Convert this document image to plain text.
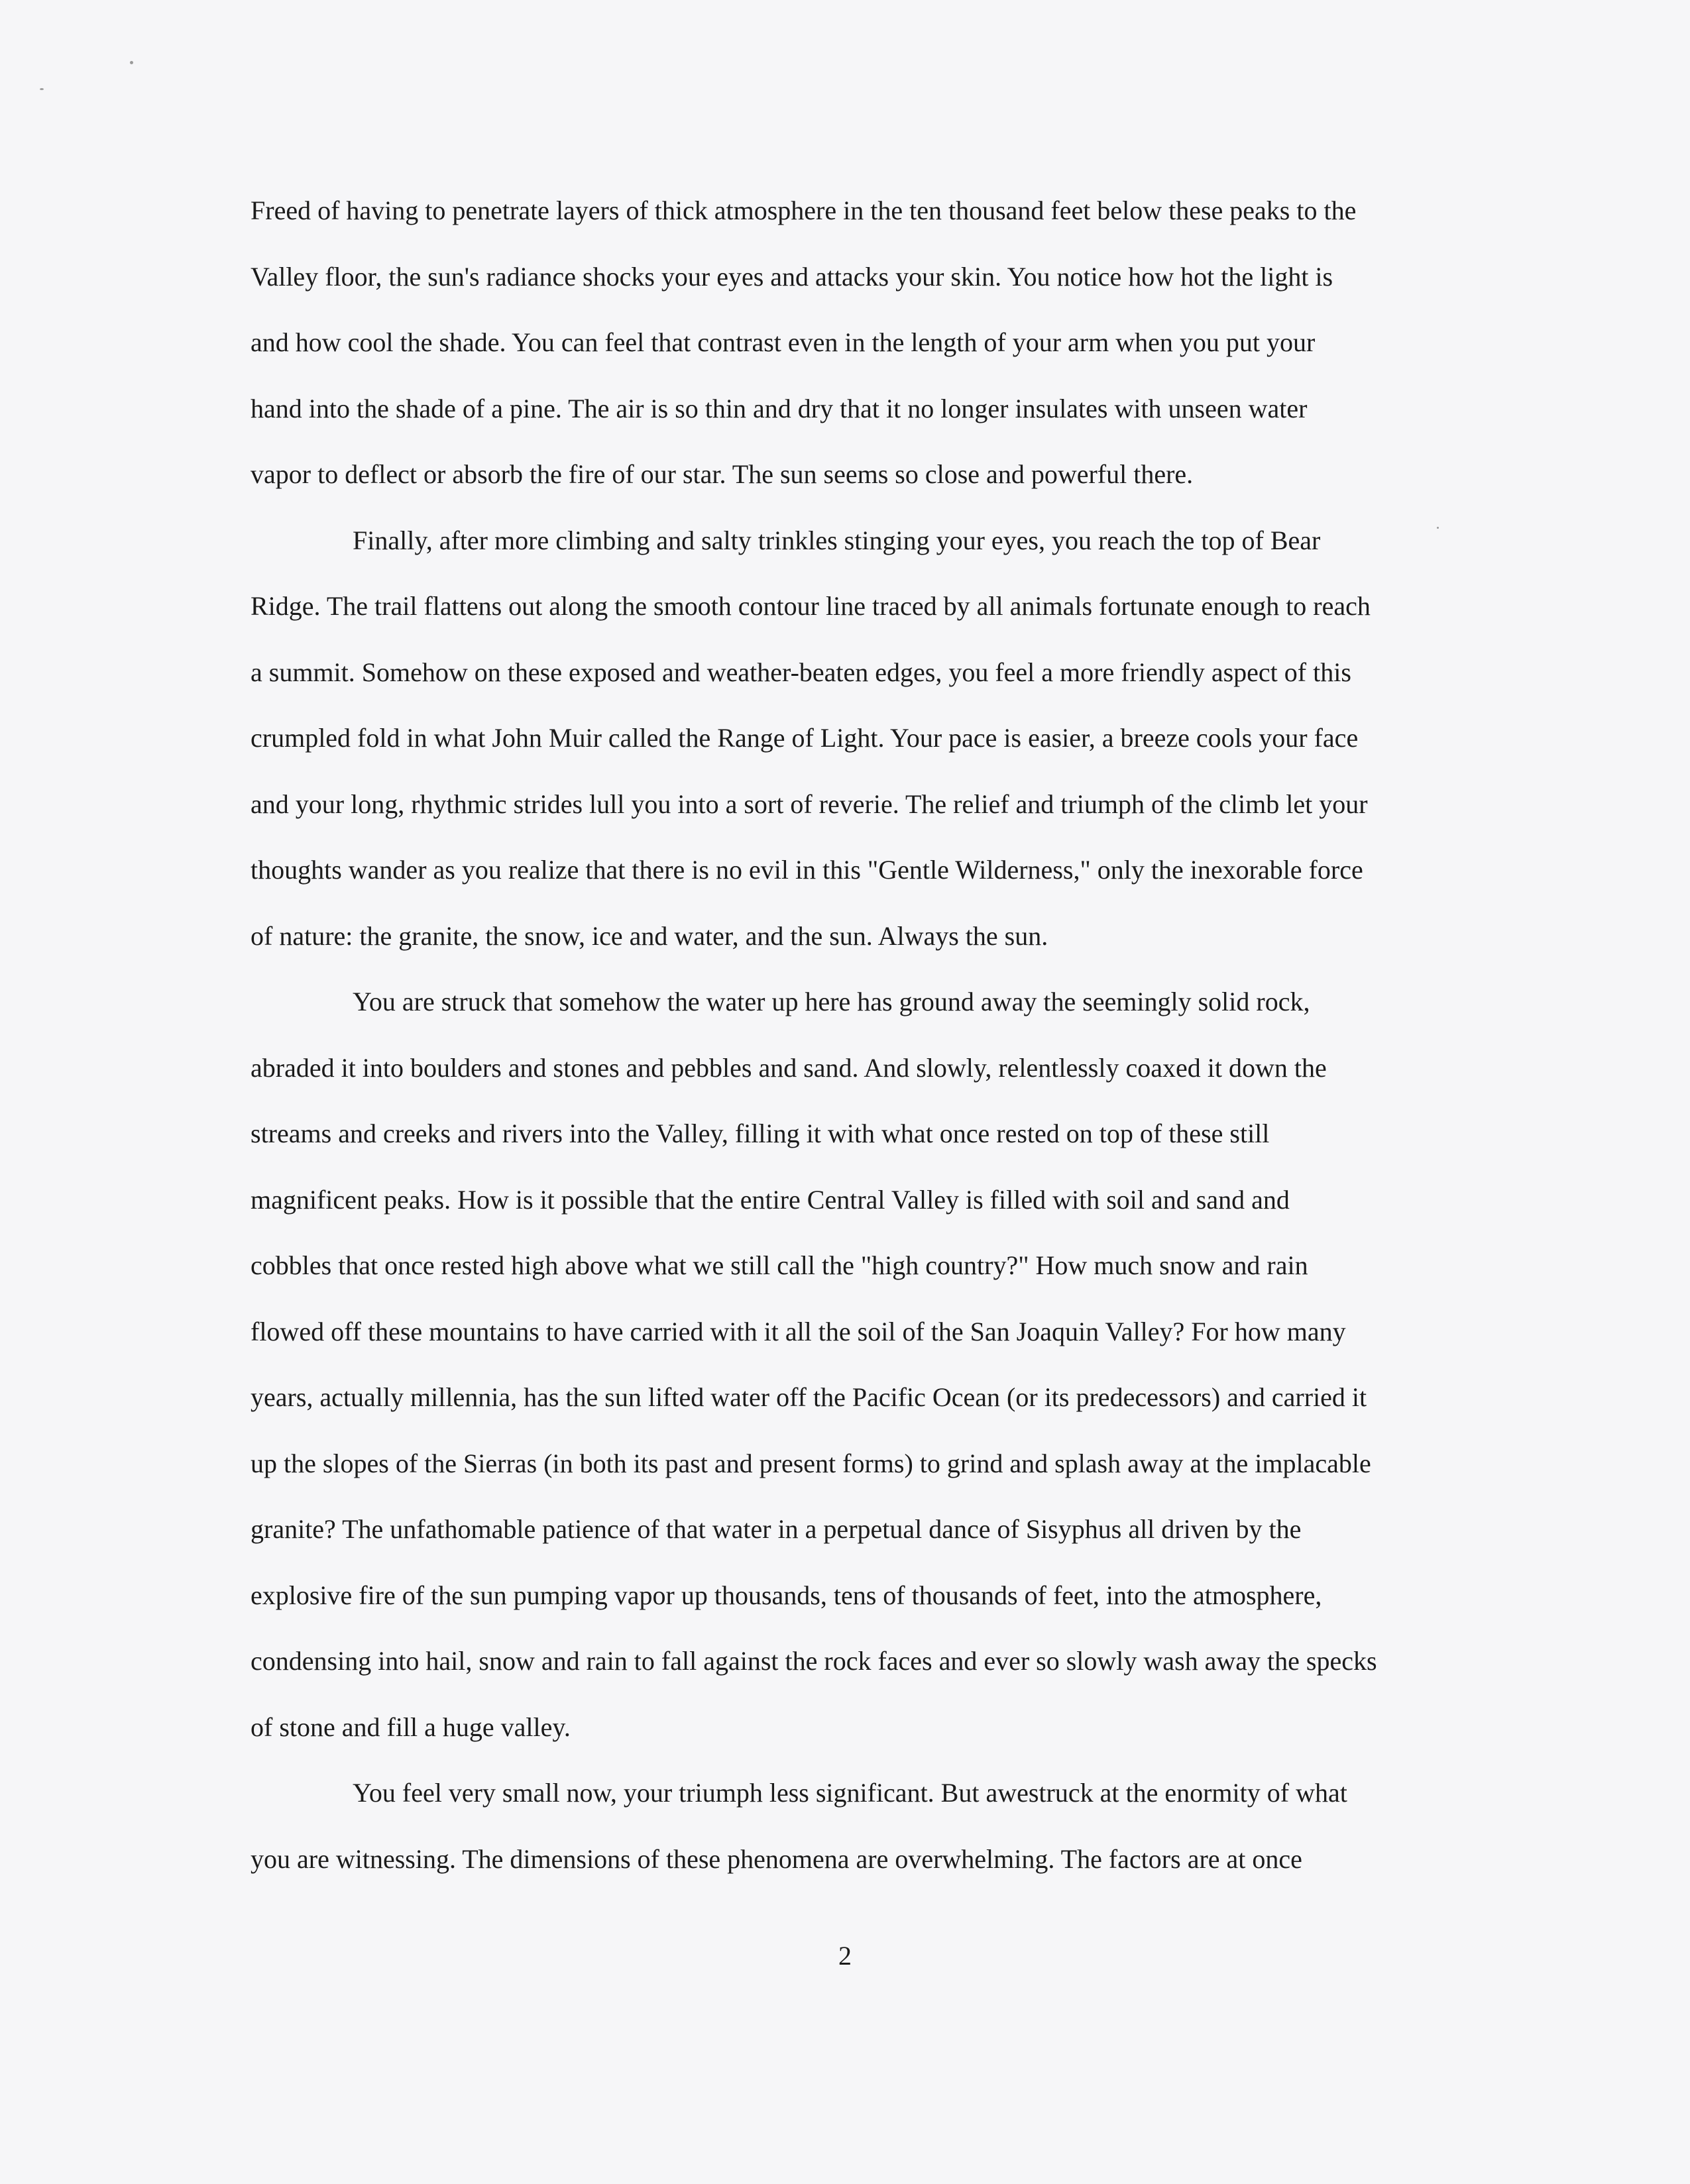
Freed of having to penetrate layers of thick atmosphere in the ten thousand feet below these peaks to the
Valley floor, the sun's radiance shocks your eyes and attacks your skin. You notice how hot the light is
and how cool the shade. You can feel that contrast even in the length of your arm when you put your
hand into the shade of a pine. The air is so thin and dry that it no longer insulates with unseen water
vapor to deflect or absorb the fire of our star. The sun seems so close and powerful there.
Finally, after more climbing and salty trinkles stinging your eyes, you reach the top of Bear
Ridge. The trail flattens out along the smooth contour line traced by all animals fortunate enough to reach
a summit. Somehow on these exposed and weather-beaten edges, you feel a more friendly aspect of this
crumpled fold in what John Muir called the Range of Light. Your pace is easier, a breeze cools your face
and your long, rhythmic strides lull you into a sort of reverie. The relief and triumph of the climb let your
thoughts wander as you realize that there is no evil in this "Gentle Wilderness," only the inexorable force
of nature: the granite, the snow, ice and water, and the sun. Always the sun.
You are struck that somehow the water up here has ground away the seemingly solid rock,
abraded it into boulders and stones and pebbles and sand. And slowly, relentlessly coaxed it down the
streams and creeks and rivers into the Valley, filling it with what once rested on top of these still
magnificent peaks. How is it possible that the entire Central Valley is filled with soil and sand and
cobbles that once rested high above what we still call the "high country?" How much snow and rain
flowed off these mountains to have carried with it all the soil of the San Joaquin Valley? For how many
years, actually millennia, has the sun lifted water off the Pacific Ocean (or its predecessors) and carried it
up the slopes of the Sierras (in both its past and present forms) to grind and splash away at the implacable
granite? The unfathomable patience of that water in a perpetual dance of Sisyphus all driven by the
explosive fire of the sun pumping vapor up thousands, tens of thousands of feet, into the atmosphere,
condensing into hail, snow and rain to fall against the rock faces and ever so slowly wash away the specks
of stone and fill a huge valley.
You feel very small now, your triumph less significant. But awestruck at the enormity of what
you are witnessing. The dimensions of these phenomena are overwhelming. The factors are at once
2
